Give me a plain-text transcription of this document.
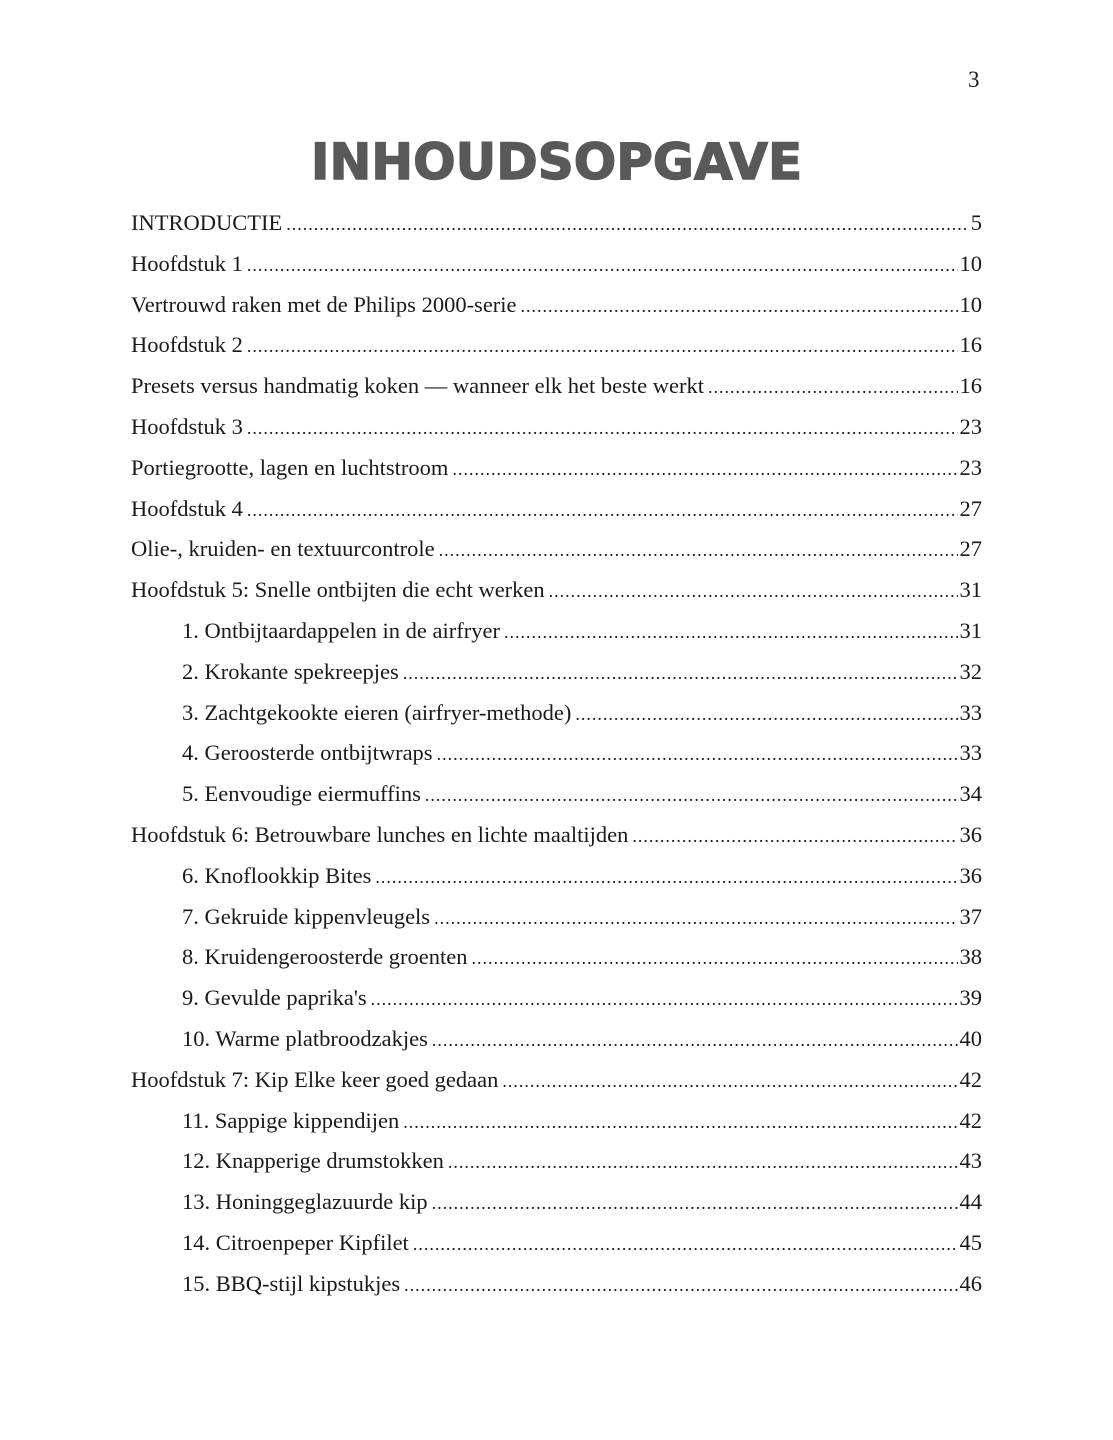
3
INHOUDSOPGAVE
INTRODUCTIE .....	5
Hoofdstuk 1 .....	10
Vertrouwd raken met de Philips 2000-serie .....	10
Hoofdstuk 2 .....	16
Presets versus handmatig koken — wanneer elk het beste werkt .....	16
Hoofdstuk 3 .....	23
Portiegrootte, lagen en luchtstroom .....	23
Hoofdstuk 4 .....	27
Olie-, kruiden- en textuurcontrole .....	27
Hoofdstuk 5: Snelle ontbijten die echt werken .....	31
1. Ontbijtaardappelen in de airfryer .....	31
2. Krokante spekreepjes .....	32
3. Zachtgekookte eieren (airfryer-methode) .....	33
4. Geroosterde ontbijtwraps .....	33
5. Eenvoudige eiermuffins .....	34
Hoofdstuk 6: Betrouwbare lunches en lichte maaltijden .....	36
6. Knoflookkip Bites .....	36
7. Gekruide kippenvleugels .....	37
8. Kruidengeroosterde groenten .....	38
9. Gevulde paprika's .....	39
10. Warme platbroodzakjes .....	40
Hoofdstuk 7: Kip Elke keer goed gedaan .....	42
11. Sappige kippendijen .....	42
12. Knapperige drumstokken .....	43
13. Honinggeglazuurde kip .....	44
14. Citroenpeper Kipfilet .....	45
15. BBQ-stijl kipstukjes .....	46
